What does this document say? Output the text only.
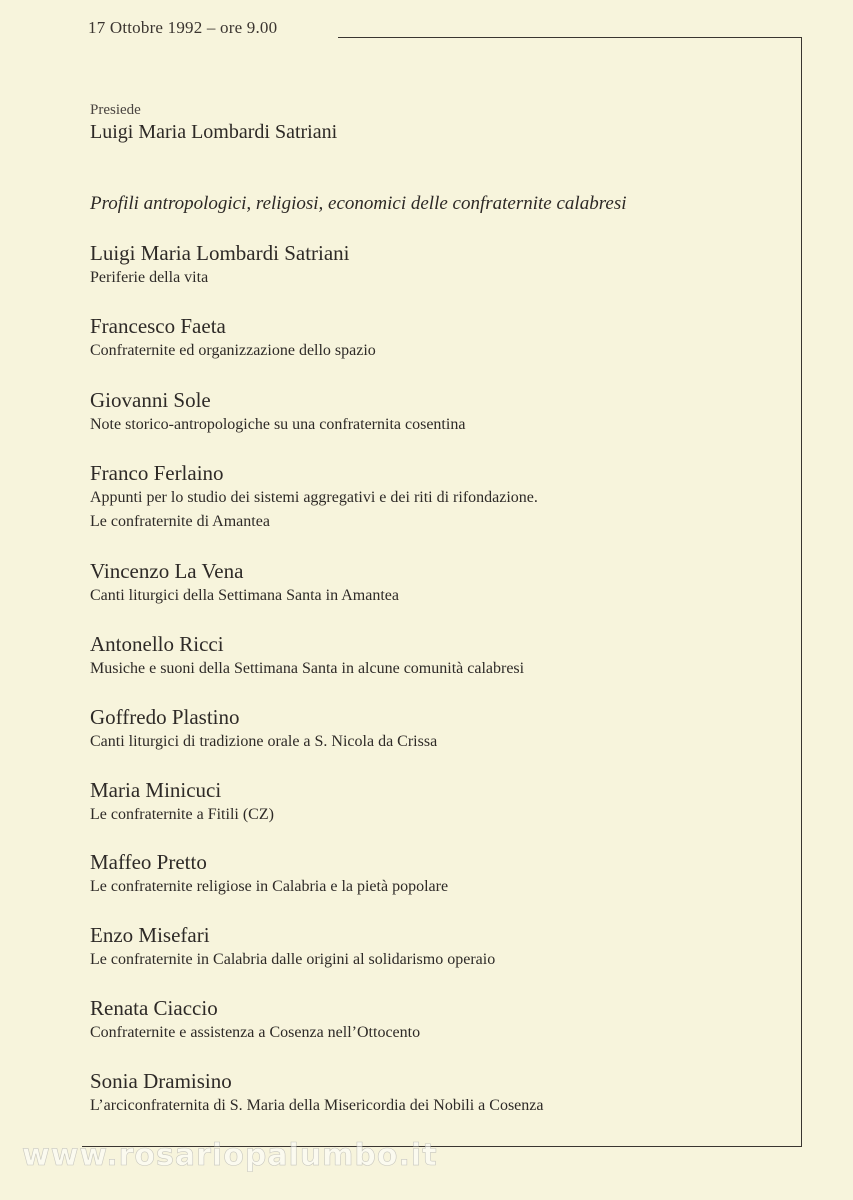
17 Ottobre 1992 – ore 9.00
Presiede
Luigi Maria Lombardi Satriani
Profili antropologici, religiosi, economici delle confraternite calabresi
Luigi Maria Lombardi Satriani
Periferie della vita
Francesco Faeta
Confraternite ed organizzazione dello spazio
Giovanni Sole
Note storico-antropologiche su una confraternita cosentina
Franco Ferlaino
Appunti per lo studio dei sistemi aggregativi e dei riti di rifondazione.
Le confraternite di Amantea
Vincenzo La Vena
Canti liturgici della Settimana Santa in Amantea
Antonello Ricci
Musiche e suoni della Settimana Santa in alcune comunità calabresi
Goffredo Plastino
Canti liturgici di tradizione orale a S. Nicola da Crissa
Maria Minicuci
Le confraternite a Fitili (CZ)
Maffeo Pretto
Le confraternite religiose in Calabria e la pietà popolare
Enzo Misefari
Le confraternite in Calabria dalle origini al solidarismo operaio
Renata Ciaccio
Confraternite e assistenza a Cosenza nell’Ottocento
Sonia Dramisino
L’arciconfraternita di S. Maria della Misericordia dei Nobili a Cosenza
www.rosariopalumbo.it
